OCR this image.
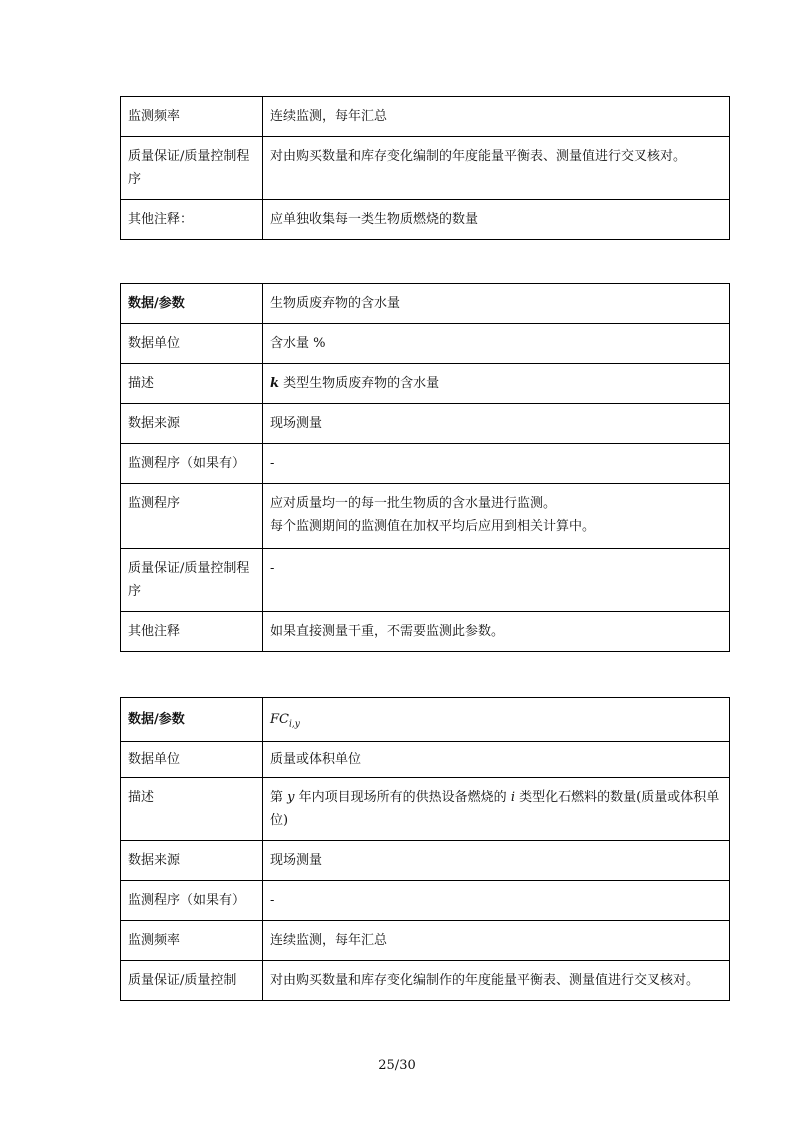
监测频率	连续监测，每年汇总
质量保证/质量控制程序	对由购买数量和库存变化编制的年度能量平衡表、测量值进行交叉核对。
其他注释：	应单独收集每一类生物质燃烧的数量
数据/参数	生物质废弃物的含水量
数据单位	含水量 %
描述	k 类型生物质废弃物的含水量
数据来源	现场测量
监测程序（如果有）	-
监测程序	应对质量均一的每一批生物质的含水量进行监测。
每个监测期间的监测值在加权平均后应用到相关计算中。

质量保证/质量控制程序	-
其他注释	如果直接测量干重，不需要监测此参数。
数据/参数	$FC_{i,y}$
数据单位	质量或体积单位
描述	第 y 年内项目现场所有的供热设备燃烧的 i 类型化石燃料的数量(质量或体积单位)
数据来源	现场测量
监测程序（如果有）	-
监测频率	连续监测，每年汇总
质量保证/质量控制	对由购买数量和库存变化编制作的年度能量平衡表、测量值进行交叉核对。
25/30
